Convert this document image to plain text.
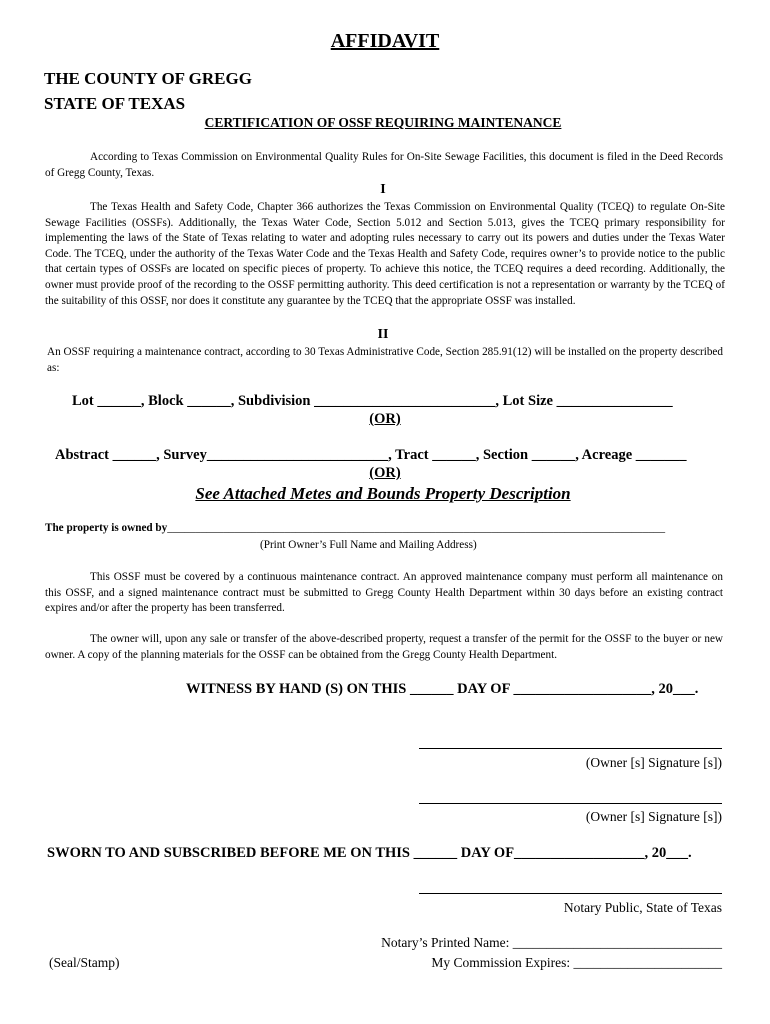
AFFIDAVIT
THE COUNTY OF GREGG
STATE OF TEXAS
CERTIFICATION OF OSSF REQUIRING MAINTENANCE
According to Texas Commission on Environmental Quality Rules for On-Site Sewage Facilities, this document is filed in the Deed Records of Gregg County, Texas.
I
The Texas Health and Safety Code, Chapter 366 authorizes the Texas Commission on Environmental Quality (TCEQ) to regulate On-Site Sewage Facilities (OSSFs). Additionally, the Texas Water Code, Section 5.012 and Section 5.013, gives the TCEQ primary responsibility for implementing the laws of the State of Texas relating to water and adopting rules necessary to carry out its powers and duties under the Texas Water Code. The TCEQ, under the authority of the Texas Water Code and the Texas Health and Safety Code, requires owner’s to provide notice to the public that certain types of OSSFs are located on specific pieces of property. To achieve this notice, the TCEQ requires a deed recording. Additionally, the owner must provide proof of the recording to the OSSF permitting authority. This deed certification is not a representation or warranty by the TCEQ of the suitability of this OSSF, nor does it constitute any guarantee by the TCEQ that the appropriate OSSF was installed.
II
An OSSF requiring a maintenance contract, according to 30 Texas Administrative Code, Section 285.91(12) will be installed on the property described as:
Lot ______, Block ______, Subdivision _________________________, Lot Size ________________
(OR)
Abstract ______, Survey_________________________, Tract ______, Section ______, Acreage _______
(OR)
See Attached Metes and Bounds Property Description
The property is owned by_________________________________________________________________________________________
(Print Owner’s Full Name and Mailing Address)
This OSSF must be covered by a continuous maintenance contract. An approved maintenance company must perform all maintenance on this OSSF, and a signed maintenance contract must be submitted to Gregg County Health Department within 30 days before an existing contract expires and/or after the property has been transferred.
The owner will, upon any sale or transfer of the above-described property, request a transfer of the permit for the OSSF to the buyer or new owner. A copy of the planning materials for the OSSF can be obtained from the Gregg County Health Department.
WITNESS BY HAND (S) ON THIS ______ DAY OF ___________________, 20___.
(Owner [s] Signature [s])
(Owner [s] Signature [s])
SWORN TO AND SUBSCRIBED BEFORE ME ON THIS ______ DAY OF__________________, 20___.
Notary Public, State of Texas
Notary’s Printed Name: _______________________________
(Seal/Stamp)	My Commission Expires: ______________________
